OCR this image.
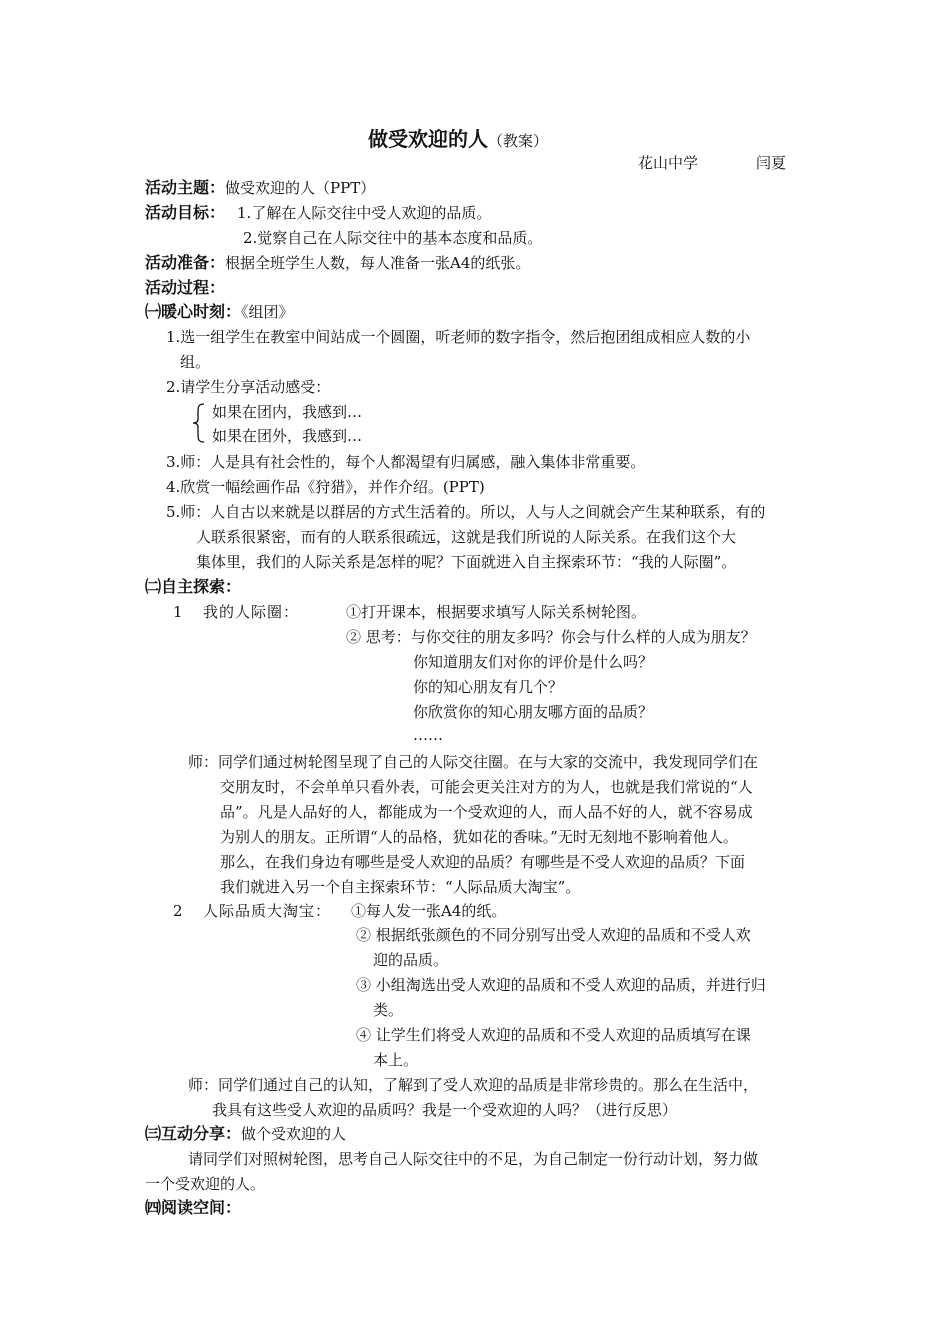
做受欢迎的人（教案）
花山中学	闫夏
活动主题：做受欢迎的人（PPT）
活动目标： 1.了解在人际交往中受人欢迎的品质。
2.觉察自己在人际交往中的基本态度和品质。
活动准备：根据全班学生人数，每人准备一张A4的纸张。
活动过程：
㈠暖心时刻：《组团》
1.选一组学生在教室中间站成一个圆圈，听老师的数字指令，然后抱团组成相应人数的小
组。
2.请学生分享活动感受：
如果在团内，我感到…
如果在团外，我感到…
3.师：人是具有社会性的，每个人都渴望有归属感，融入集体非常重要。
4.欣赏一幅绘画作品《狩猎》，并作介绍。(PPT)
5.师：人自古以来就是以群居的方式生活着的。所以，人与人之间就会产生某种联系，有的
人联系很紧密，而有的人联系很疏远，这就是我们所说的人际关系。在我们这个大
集体里，我们的人际关系是怎样的呢？下面就进入自主探索环节：“我的人际圈”。
㈡自主探索：
1 我的人际圈：	①打开课本，根据要求填写人际关系树轮图。
② 思考：与你交往的朋友多吗？你会与什么样的人成为朋友？
你知道朋友们对你的评价是什么吗？
你的知心朋友有几个？
你欣赏你的知心朋友哪方面的品质？
……
师：同学们通过树轮图呈现了自己的人际交往圈。在与大家的交流中，我发现同学们在
交朋友时，不会单单只看外表，可能会更关注对方的为人，也就是我们常说的“人
品”。凡是人品好的人，都能成为一个受欢迎的人，而人品不好的人，就不容易成
为别人的朋友。正所谓“人的品格，犹如花的香味。”无时无刻地不影响着他人。
那么，在我们身边有哪些是受人欢迎的品质？有哪些是不受人欢迎的品质？下面
我们就进入另一个自主探索环节：“人际品质大淘宝”。
2 人际品质大淘宝： ①每人发一张A4的纸。
② 根据纸张颜色的不同分别写出受人欢迎的品质和不受人欢
迎的品质。
③ 小组淘选出受人欢迎的品质和不受人欢迎的品质，并进行归
类。
④ 让学生们将受人欢迎的品质和不受人欢迎的品质填写在课
本上。
师：同学们通过自己的认知，了解到了受人欢迎的品质是非常珍贵的。那么在生活中，
我具有这些受人欢迎的品质吗？我是一个受欢迎的人吗？（进行反思）
㈢互动分享：做个受欢迎的人
请同学们对照树轮图，思考自己人际交往中的不足，为自己制定一份行动计划，努力做
一个受欢迎的人。
㈣阅读空间：
